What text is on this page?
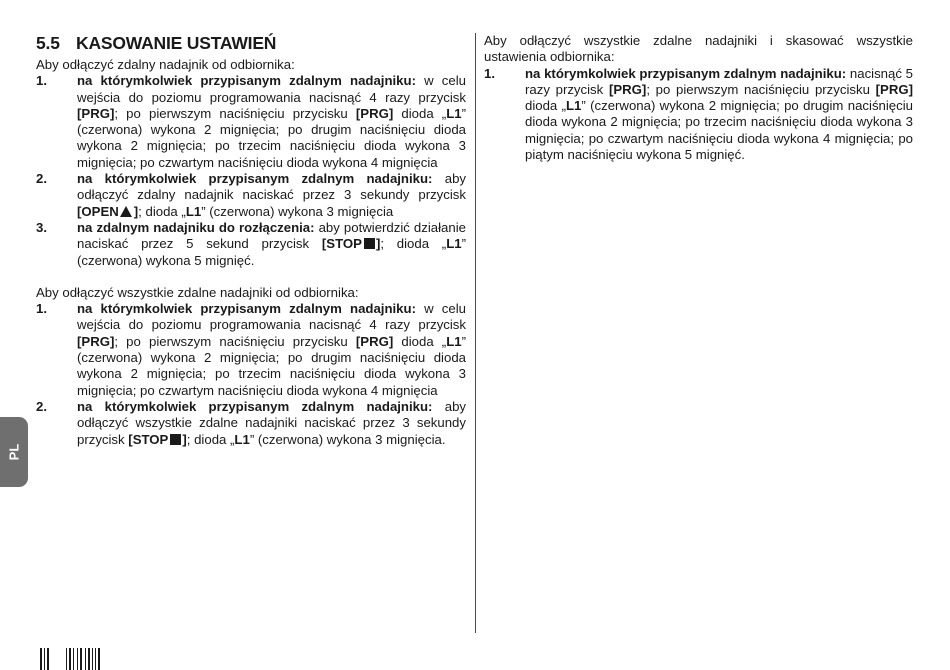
5.5 KASOWANIE USTAWIEŃ

Aby odłączyć zdalny nadajnik od odbiornika:

1. na którymkolwiek przypisanym zdalnym nadajniku: w celu wejścia do poziomu programowania nacisnąć 4 razy przycisk [PRG]; po pierwszym naciśnięciu przycisku [PRG] dioda „L1” (czerwona) wykona 2 mignięcia; po drugim naciśnięciu dioda wykona 2 mignięcia; po trzecim naciśnięciu dioda wykona 3 mignięcia; po czwartym naciśnięciu dioda wykona 4 mignięcia
2. na którymkolwiek przypisanym zdalnym nadajniku: aby odłączyć zdalny nadajnik naciskać przez 3 sekundy przycisk [OPEN ]; dioda „L1” (czerwona) wykona 3 mignięcia
3. na zdalnym nadajniku do rozłączenia: aby potwierdzić działanie naciskać przez 5 sekund przycisk [STOP ]; dioda „L1” (czerwona) wykona 5 mignięć.

Aby odłączyć wszystkie zdalne nadajniki od odbiornika:

1. na którymkolwiek przypisanym zdalnym nadajniku: w celu wejścia do poziomu programowania nacisnąć 4 razy przycisk [PRG]; po pierwszym naciśnięciu przycisku [PRG] dioda „L1” (czerwona) wykona 2 mignięcia; po drugim naciśnięciu dioda wykona 2 mignięcia; po trzecim naciśnięciu dioda wykona 3 mignięcia; po czwartym naciśnięciu dioda wykona 4 mignięcia
2. na którymkolwiek przypisanym zdalnym nadajniku: aby odłączyć wszystkie zdalne nadajniki naciskać przez 3 sekundy przycisk [STOP ]; dioda „L1” (czerwona) wykona 3 mignięcia.

Aby odłączyć wszystkie zdalne nadajniki i skasować wszystkie ustawienia odbiornika:

1. na którymkolwiek przypisanym zdalnym nadajniku: nacisnąć 5 razy przycisk [PRG]; po pierwszym naciśnięciu przycisku [PRG] dioda „L1” (czerwona) wykona 2 mignięcia; po drugim naciśnięciu dioda wykona 2 mignięcia; po trzecim naciśnięciu dioda wykona 3 mignięcia; po czwartym naciśnięciu dioda wykona 4 mignięcia; po piątym naciśnięciu wykona 5 mignięć.
PL
